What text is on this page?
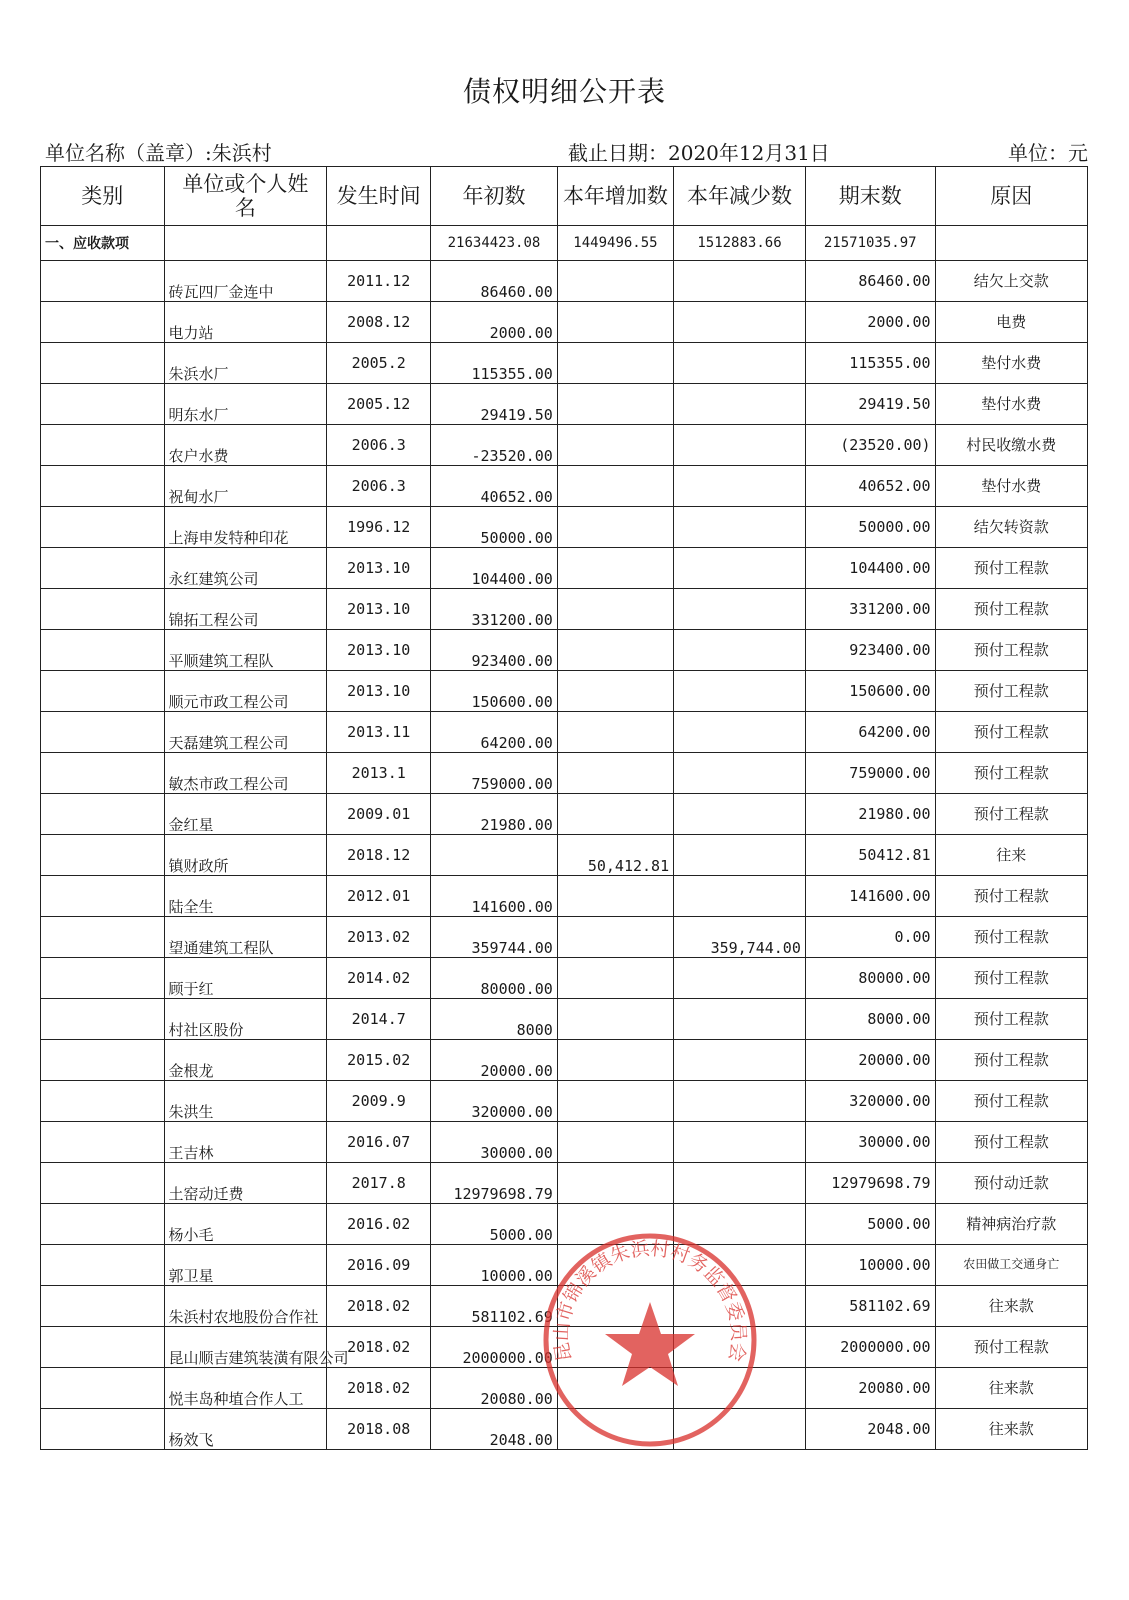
债权明细公开表
单位名称（盖章）:朱浜村	截止日期：2020年12月31日	单位：元
类别	单位或个人姓　　名	发生时间	年初数	本年增加数	本年减少数	期末数	原因
一、应收款项			21634423.08	1449496.55	1512883.66	21571035.97	
	砖瓦四厂金连中	2011.12	86460.00			86460.00	结欠上交款
	电力站	2008.12	2000.00			2000.00	电费
	朱浜水厂	2005.2	115355.00			115355.00	垫付水费
	明东水厂	2005.12	29419.50			29419.50	垫付水费
	农户水费	2006.3	-23520.00			(23520.00)	村民收缴水费
	祝甸水厂	2006.3	40652.00			40652.00	垫付水费
	上海申发特种印花	1996.12	50000.00			50000.00	结欠转资款
	永红建筑公司	2013.10	104400.00			104400.00	预付工程款
	锦拓工程公司	2013.10	331200.00			331200.00	预付工程款
	平顺建筑工程队	2013.10	923400.00			923400.00	预付工程款
	顺元市政工程公司	2013.10	150600.00			150600.00	预付工程款
	天磊建筑工程公司	2013.11	64200.00			64200.00	预付工程款
	敏杰市政工程公司	2013.1	759000.00			759000.00	预付工程款
	金红星	2009.01	21980.00			21980.00	预付工程款
	镇财政所	2018.12		50,412.81		50412.81	往来
	陆全生	2012.01	141600.00			141600.00	预付工程款
	望通建筑工程队	2013.02	359744.00		359,744.00	0.00	预付工程款
	顾于红	2014.02	80000.00			80000.00	预付工程款
	村社区股份	2014.7	8000			8000.00	预付工程款
	金根龙	2015.02	20000.00			20000.00	预付工程款
	朱洪生	2009.9	320000.00			320000.00	预付工程款
	王吉林	2016.07	30000.00			30000.00	预付工程款
	土窑动迁费	2017.8	12979698.79			12979698.79	预付动迁款
	杨小毛	2016.02	5000.00			5000.00	精神病治疗款
	郭卫星	2016.09	10000.00			10000.00	农田做工交通身亡
	朱浜村农地股份合作社	2018.02	581102.69			581102.69	往来款
	昆山顺吉建筑装潢有限公司	2018.02	2000000.00			2000000.00	预付工程款
	悦丰岛种埴合作人工	2018.02	20080.00			20080.00	往来款
	杨效飞	2018.08	2048.00			2048.00	往来款
昆山市锦溪镇朱浜村村务监督委员会
